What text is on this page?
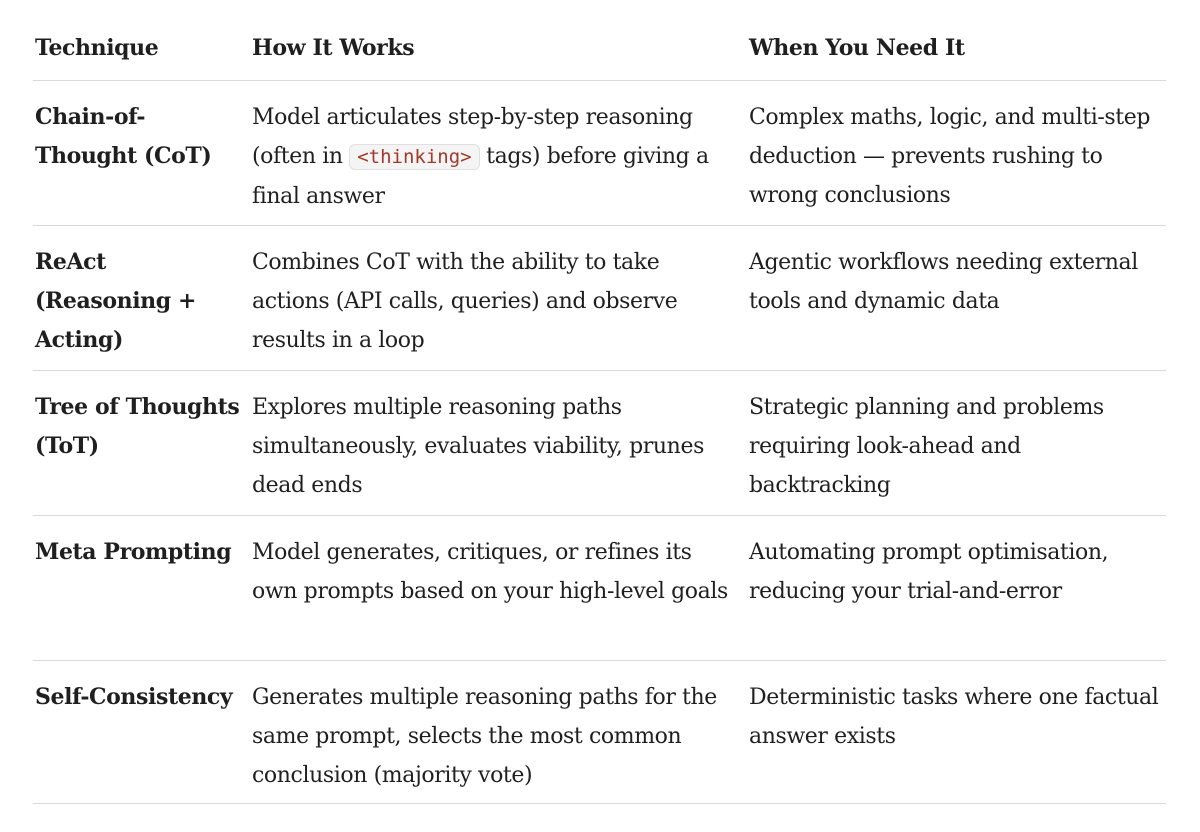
Technique	How It Works	When You Need It
Chain-of-Thought (CoT)
Model articulates step-by-step reasoning (often in <thinking> tags) before giving a final answer
Complex maths, logic, and multi-step deduction — prevents rushing to wrong conclusions
ReAct (Reasoning + Acting)
Combines CoT with the ability to take actions (API calls, queries) and observe results in a loop
Agentic workflows needing external tools and dynamic data
Tree of Thoughts (ToT)
Explores multiple reasoning paths simultaneously, evaluates viability, prunes dead ends
Strategic planning and problems requiring look-ahead and backtracking
Meta Prompting Model generates, critiques, or refines its own prompts based on your high-level goals
Automating prompt optimisation, reducing your trial-and-error
Self-Consistency Generates multiple reasoning paths for the same prompt, selects the most common conclusion (majority vote)
Deterministic tasks where one factual answer exists
